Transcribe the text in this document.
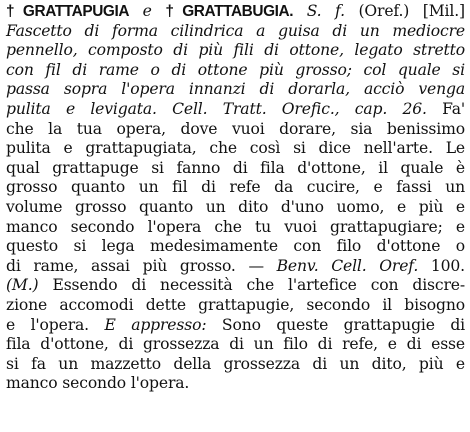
†GRATTAPUGIA e †GRATTABUGIA. S. f. (Oref.) [Mil.]
Fascetto di forma cilindrica a guisa di un mediocre
pennello, composto di più fili di ottone, legato stretto
con fil di rame o di ottone più grosso; col quale si
passa sopra l'opera innanzi di dorarla, acciò venga
pulita e levigata. Cell. Tratt. Orefic., cap. 26. Fa'
che la tua opera, dove vuoi dorare, sia benissimo
pulita e grattapugiata, che così si dice nell'arte. Le
qual grattapuge si fanno di fila d'ottone, il quale è
grosso quanto un fil di refe da cucire, e fassi un
volume grosso quanto un dito d'uno uomo, e più e
manco secondo l'opera che tu vuoi grattapugiare; e
questo si lega medesimamente con filo d'ottone o
di rame, assai più grosso. — Benv. Cell. Oref. 100.
(M.) Essendo di necessità che l'artefice con discre-
zione accomodi dette grattapugie, secondo il bisogno
e l'opera. E appresso: Sono queste grattapugie di
fila d'ottone, di grossezza di un filo di refe, e di esse
si fa un mazzetto della grossezza di un dito, più e
manco secondo l'opera.
